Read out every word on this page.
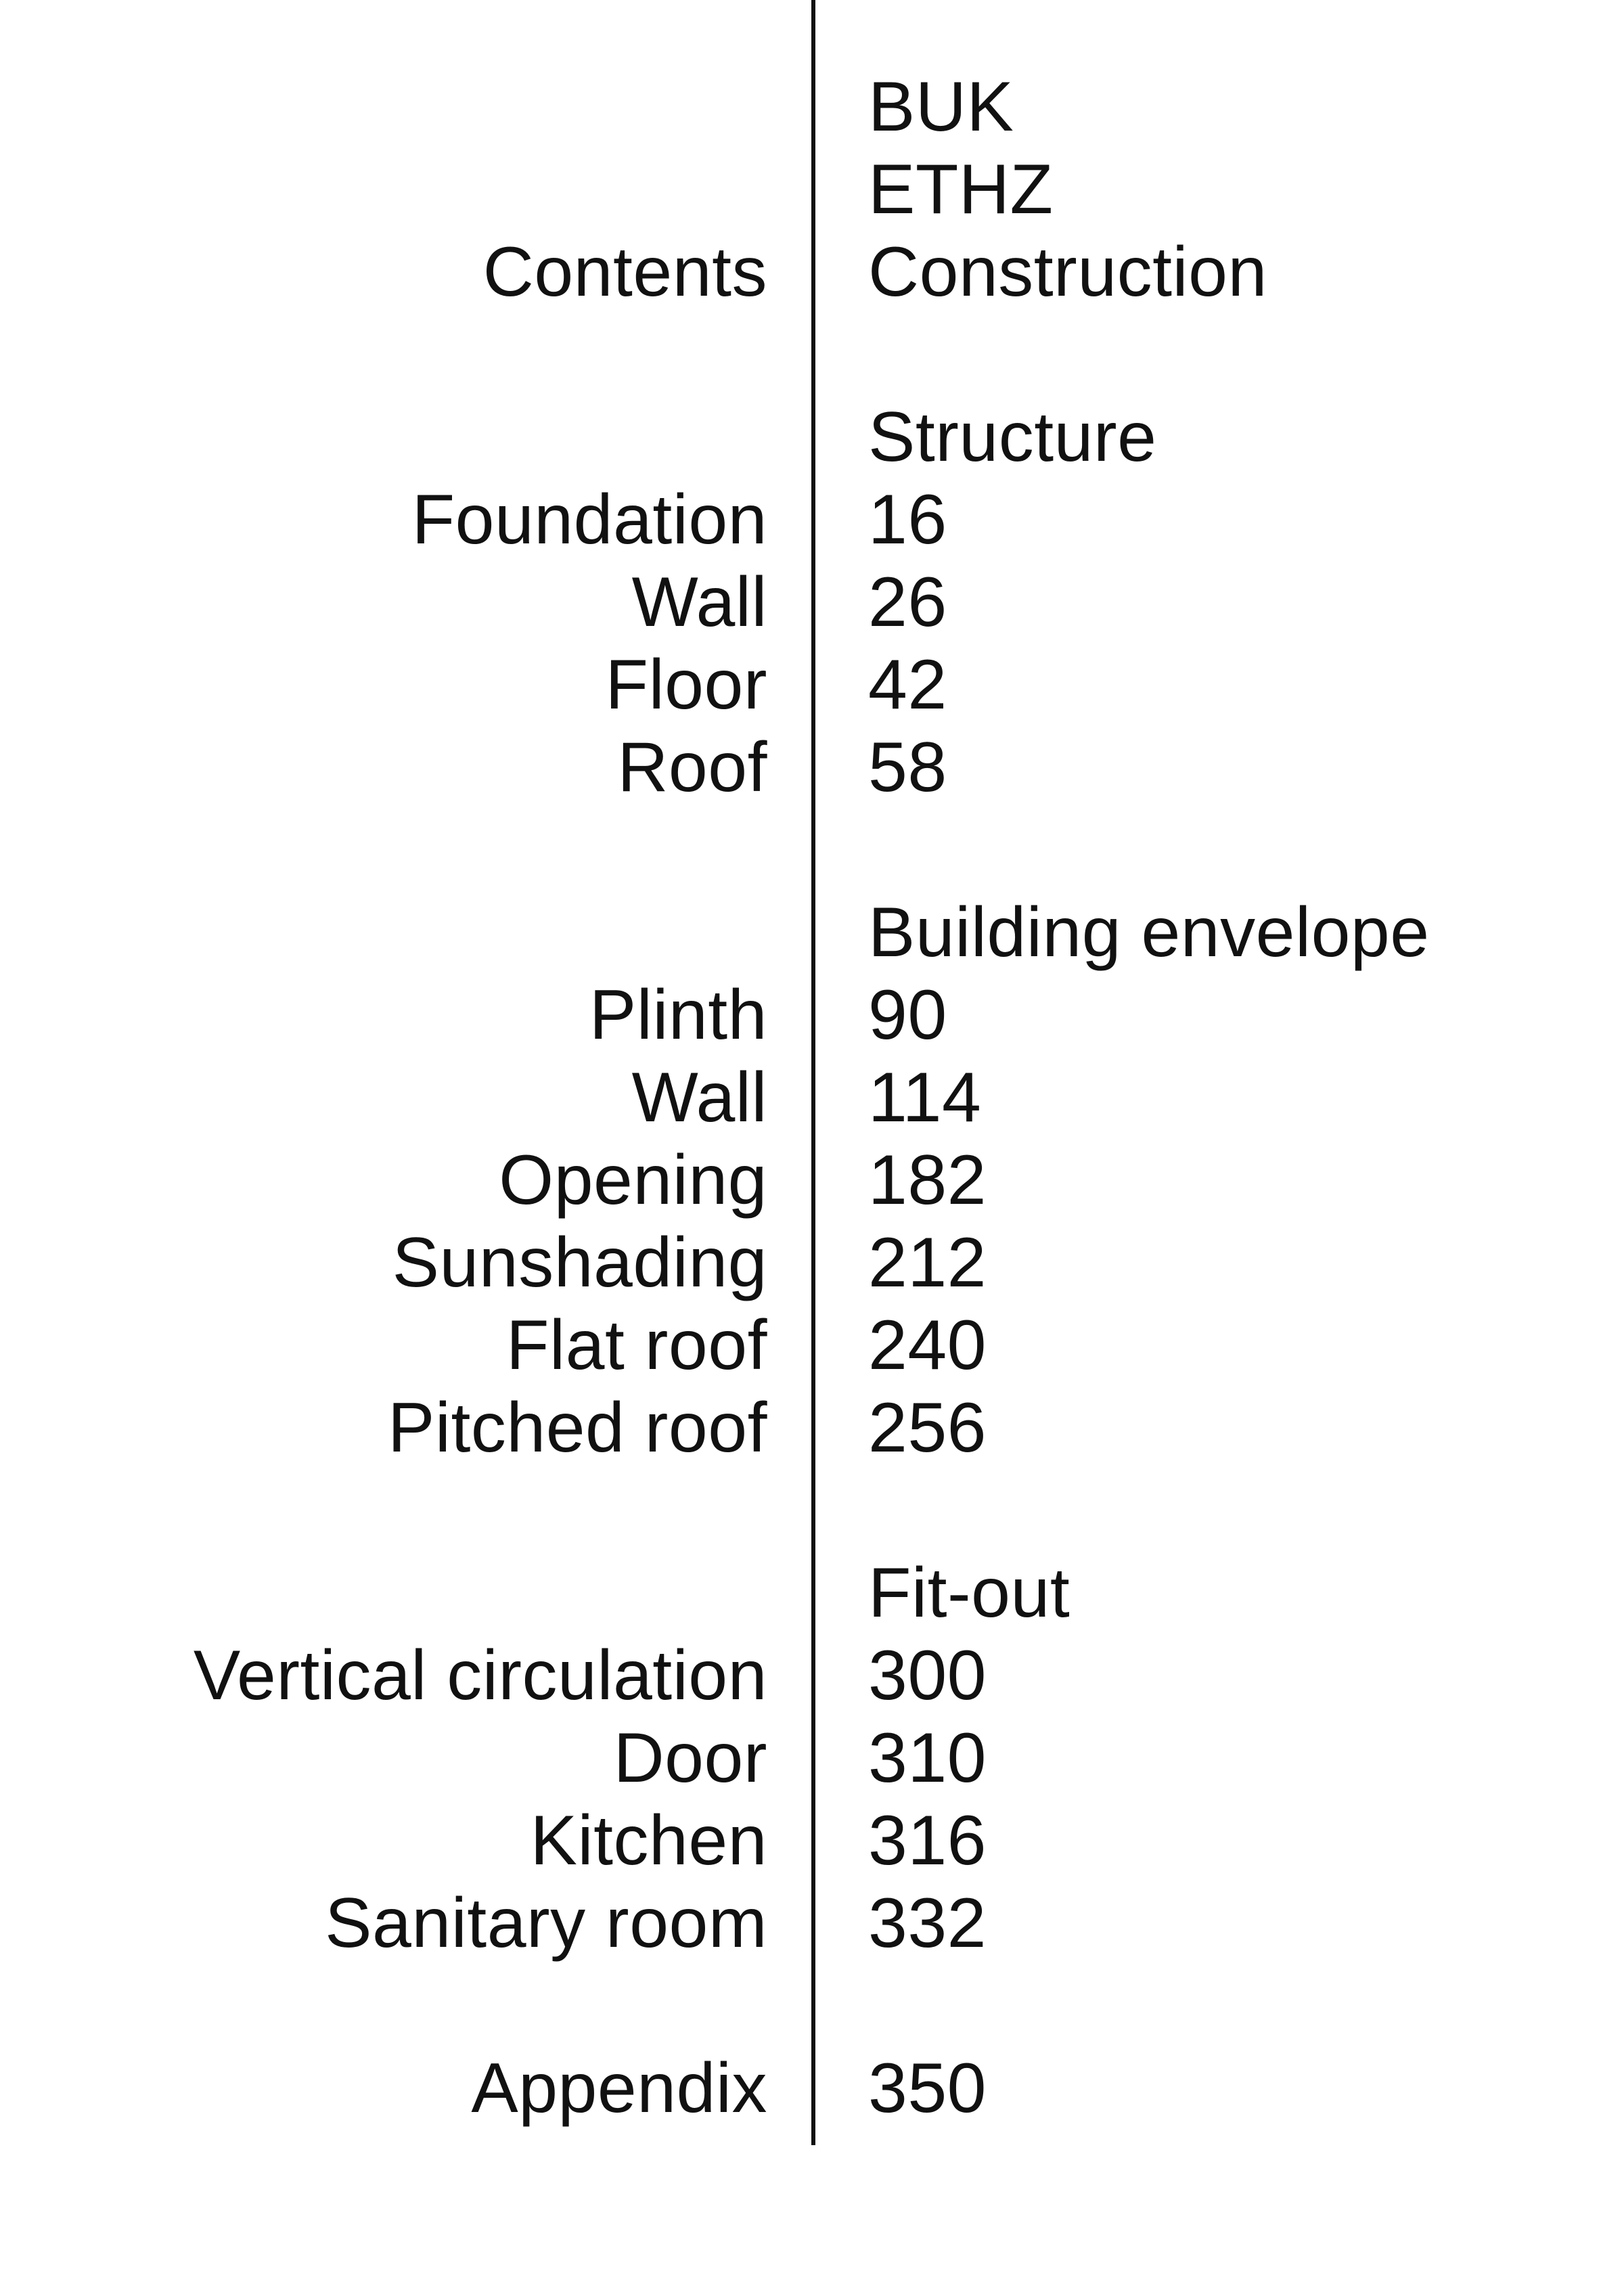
BUK
ETHZ
Contents Construction
Structure
Foundation 16
Wall 26
Floor 42
Roof 58
Building envelope
Plinth 90
Wall 114
Opening 182
Sunshading 212
Flat roof 240
Pitched roof 256
Fit-out
Vertical circulation 300
Door 310
Kitchen 316
Sanitary room 332
Appendix 350
